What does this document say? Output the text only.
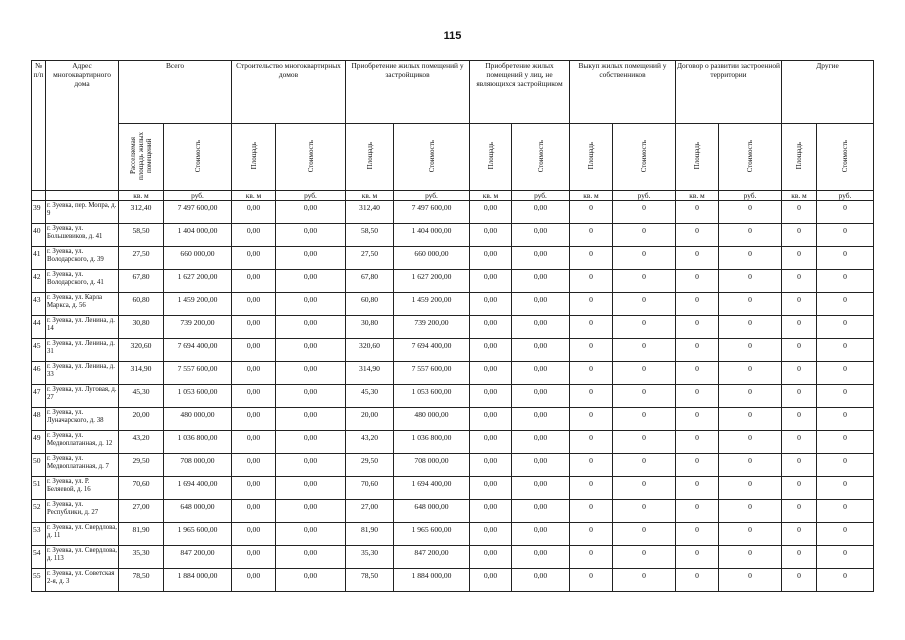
115
№ п/п	Адрес многоквартирного дома	Всего		Строительство многоквартирных домов		Приобретение жилых помещений у застройщиков		Приобретение жилых помещений у лиц, не являющихся застройщиком		Выкуп жилых помещений у собственников		Договор о развитии застроенной территории		Другие	
		Расселяемая площадь жилых помещений	Стоимость	Площадь	Стоимость	Площадь	Стоимость	Площадь	Стоимость	Площадь	Стоимость	Площадь	Стоимость	Площадь	Стоимость
		кв. м	руб.	кв. м	руб.	кв. м	руб.	кв. м	руб.	кв. м	руб.	кв. м	руб.	кв. м	руб.

39	г. Зуевка, пер. Мопра, д. 9	312,40	7 497 600,00	0,00	0,00	312,40	7 497 600,00	0,00	0,00	0	0	0	0	0	0

40	г. Зуевка, ул. Большевиков, д. 41	58,50	1 404 000,00	0,00	0,00	58,50	1 404 000,00	0,00	0,00	0	0	0	0	0	0

41	г. Зуевка, ул. Володарского, д. 39	27,50	660 000,00	0,00	0,00	27,50	660 000,00	0,00	0,00	0	0	0	0	0	0

42	г. Зуевка, ул. Володарского, д. 41	67,80	1 627 200,00	0,00	0,00	67,80	1 627 200,00	0,00	0,00	0	0	0	0	0	0

43	г. Зуевка, ул. Карла Маркса, д. 56	60,80	1 459 200,00	0,00	0,00	60,80	1 459 200,00	0,00	0,00	0	0	0	0	0	0

44	г. Зуевка, ул. Ленина, д. 14	30,80	739 200,00	0,00	0,00	30,80	739 200,00	0,00	0,00	0	0	0	0	0	0

45	г. Зуевка, ул. Ленина, д. 31	320,60	7 694 400,00	0,00	0,00	320,60	7 694 400,00	0,00	0,00	0	0	0	0	0	0

46	г. Зуевка, ул. Ленина, д. 33	314,90	7 557 600,00	0,00	0,00	314,90	7 557 600,00	0,00	0,00	0	0	0	0	0	0

47	г. Зуевка, ул. Луговая, д. 27	45,30	1 053 600,00	0,00	0,00	45,30	1 053 600,00	0,00	0,00	0	0	0	0	0	0

48	г. Зуевка, ул. Луначарского, д. 38	20,00	480 000,00	0,00	0,00	20,00	480 000,00	0,00	0,00	0	0	0	0	0	0

49	г. Зуевка, ул. Медвоплатанная, д. 12	43,20	1 036 800,00	0,00	0,00	43,20	1 036 800,00	0,00	0,00	0	0	0	0	0	0

50	г. Зуевка, ул. Медвоплатанная, д. 7	29,50	708 000,00	0,00	0,00	29,50	708 000,00	0,00	0,00	0	0	0	0	0	0

51	г. Зуевка, ул. Р. Беляевой, д. 16	70,60	1 694 400,00	0,00	0,00	70,60	1 694 400,00	0,00	0,00	0	0	0	0	0	0

52	г. Зуевка, ул. Республики, д. 27	27,00	648 000,00	0,00	0,00	27,00	648 000,00	0,00	0,00	0	0	0	0	0	0

53	г. Зуевка, ул. Свердлова, д. 11	81,90	1 965 600,00	0,00	0,00	81,90	1 965 600,00	0,00	0,00	0	0	0	0	0	0

54	г. Зуевка, ул. Свердлова, д. 113	35,30	847 200,00	0,00	0,00	35,30	847 200,00	0,00	0,00	0	0	0	0	0	0

55	г. Зуевка, ул. Советская 2-я, д. 3	78,50	1 884 000,00	0,00	0,00	78,50	1 884 000,00	0,00	0,00	0	0	0	0	0	0
